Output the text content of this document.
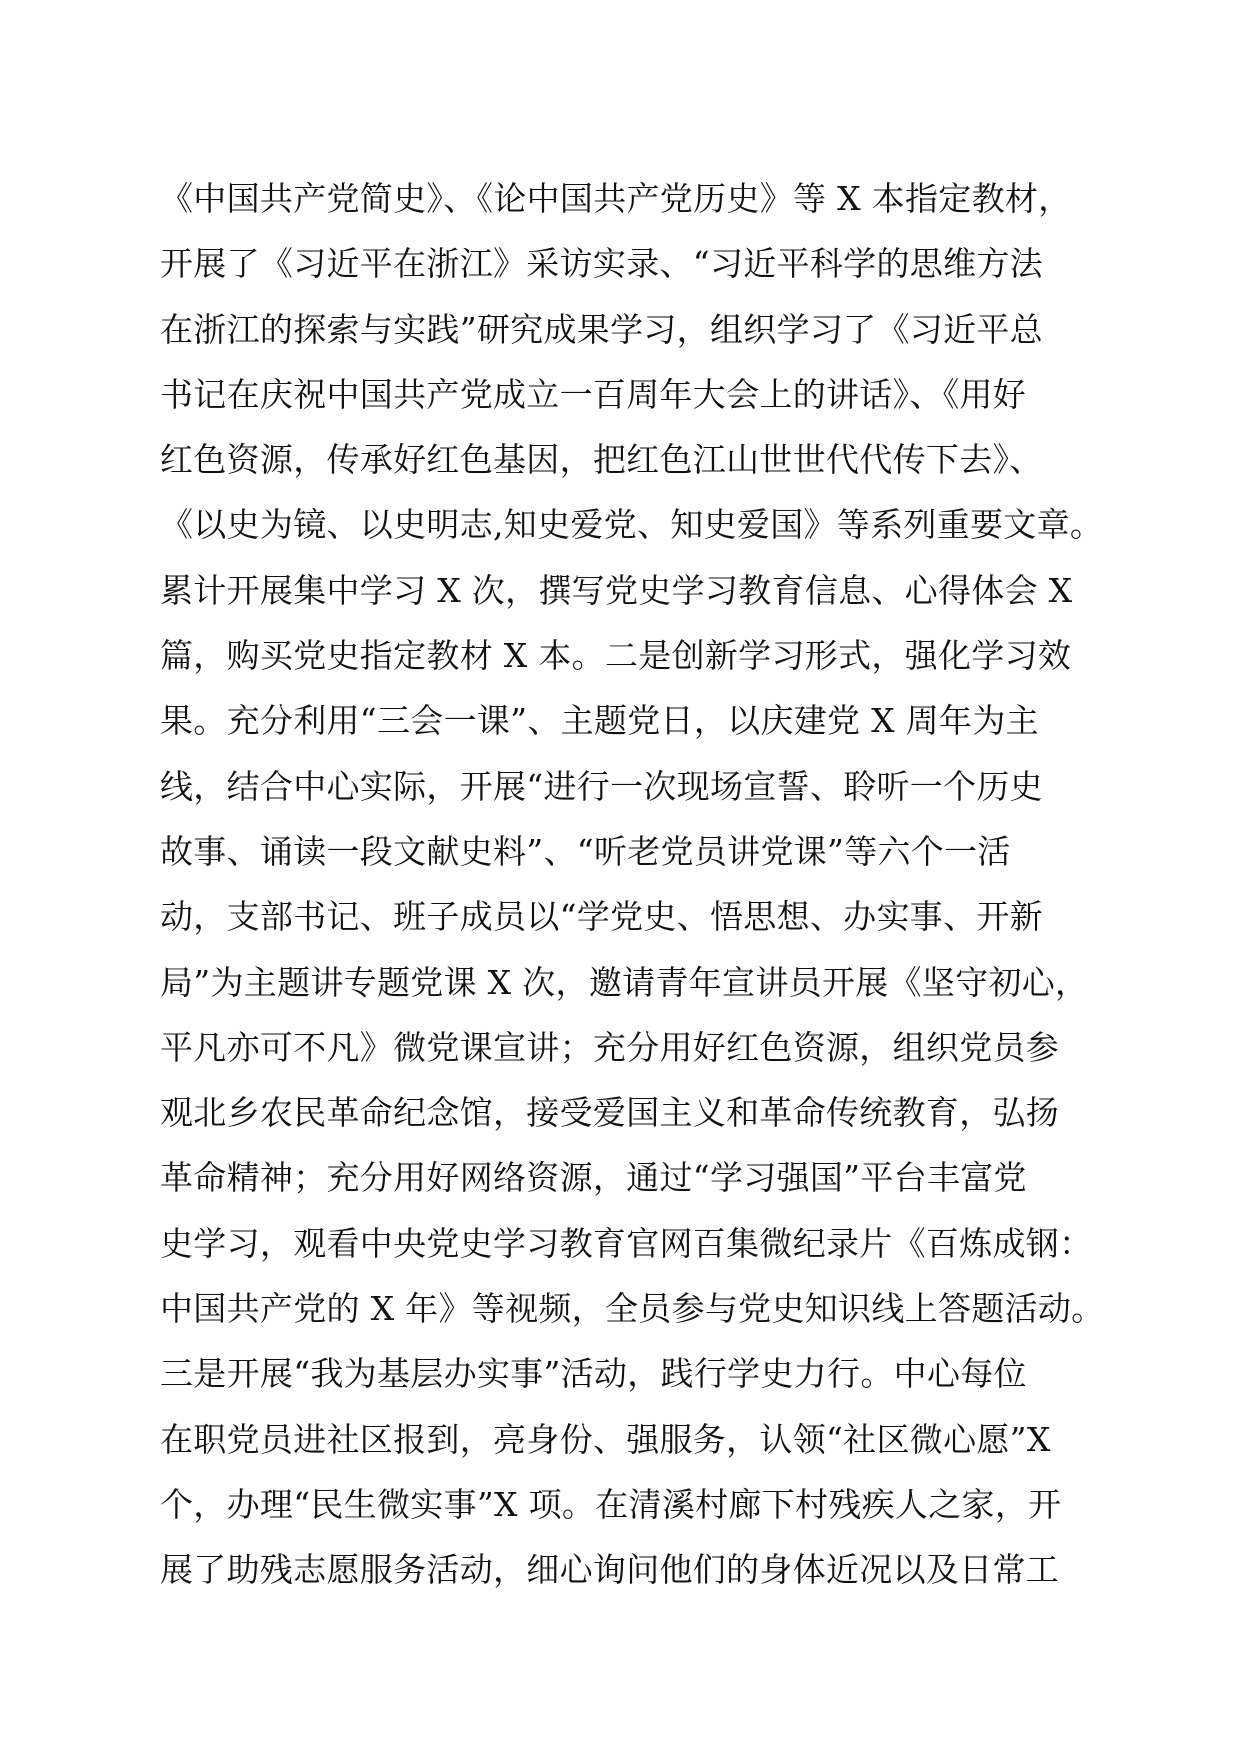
《中国共产党简史》、《论中国共产党历史》等 X 本指定教材，
开展了《习近平在浙江》采访实录、“习近平科学的思维方法
在浙江的探索与实践”研究成果学习，组织学习了《习近平总
书记在庆祝中国共产党成立一百周年大会上的讲话》、《用好
红色资源，传承好红色基因，把红色江山世世代代传下去》、
《以史为镜、以史明志,知史爱党、知史爱国》等系列重要文章。
累计开展集中学习 X 次，撰写党史学习教育信息、心得体会 X
篇，购买党史指定教材 X 本。二是创新学习形式，强化学习效
果。充分利用“三会一课”、主题党日，以庆建党 X 周年为主
线，结合中心实际，开展“进行一次现场宣誓、聆听一个历史
故事、诵读一段文献史料”、“听老党员讲党课”等六个一活
动，支部书记、班子成员以“学党史、悟思想、办实事、开新
局”为主题讲专题党课 X 次，邀请青年宣讲员开展《坚守初心，
平凡亦可不凡》微党课宣讲；充分用好红色资源，组织党员参
观北乡农民革命纪念馆，接受爱国主义和革命传统教育，弘扬
革命精神；充分用好网络资源，通过“学习强国”平台丰富党
史学习，观看中央党史学习教育官网百集微纪录片《百炼成钢：
中国共产党的 X 年》等视频，全员参与党史知识线上答题活动。
三是开展“我为基层办实事”活动，践行学史力行。中心每位
在职党员进社区报到，亮身份、强服务，认领“社区微心愿”X
个，办理“民生微实事”X 项。在清溪村廊下村残疾人之家，开
展了助残志愿服务活动，细心询问他们的身体近况以及日常工
